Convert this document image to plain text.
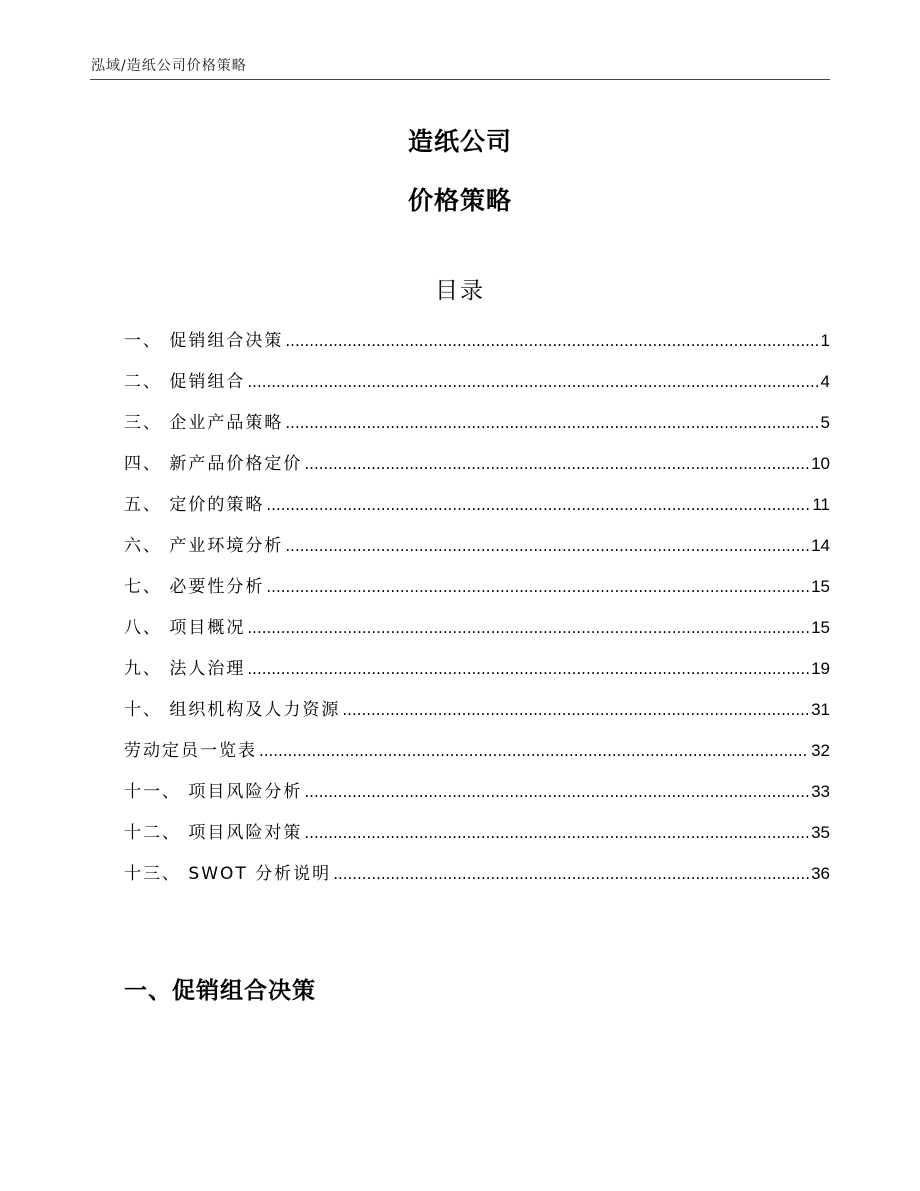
泓域/造纸公司价格策略
造纸公司
价格策略
目录
一、 促销组合决策 .....	1
二、 促销组合 .....	4
三、 企业产品策略 .....	5
四、 新产品价格定价 .....	10
五、 定价的策略 .....	11
六、 产业环境分析 .....	14
七、 必要性分析 .....	15
八、 项目概况 .....	15
九、 法人治理 .....	19
十、 组织机构及人力资源 .....	31
劳动定员一览表 .....	32
十一、 项目风险分析 .....	33
十二、 项目风险对策 .....	35
十三、 SWOT 分析说明 .....	36
一、促销组合决策
